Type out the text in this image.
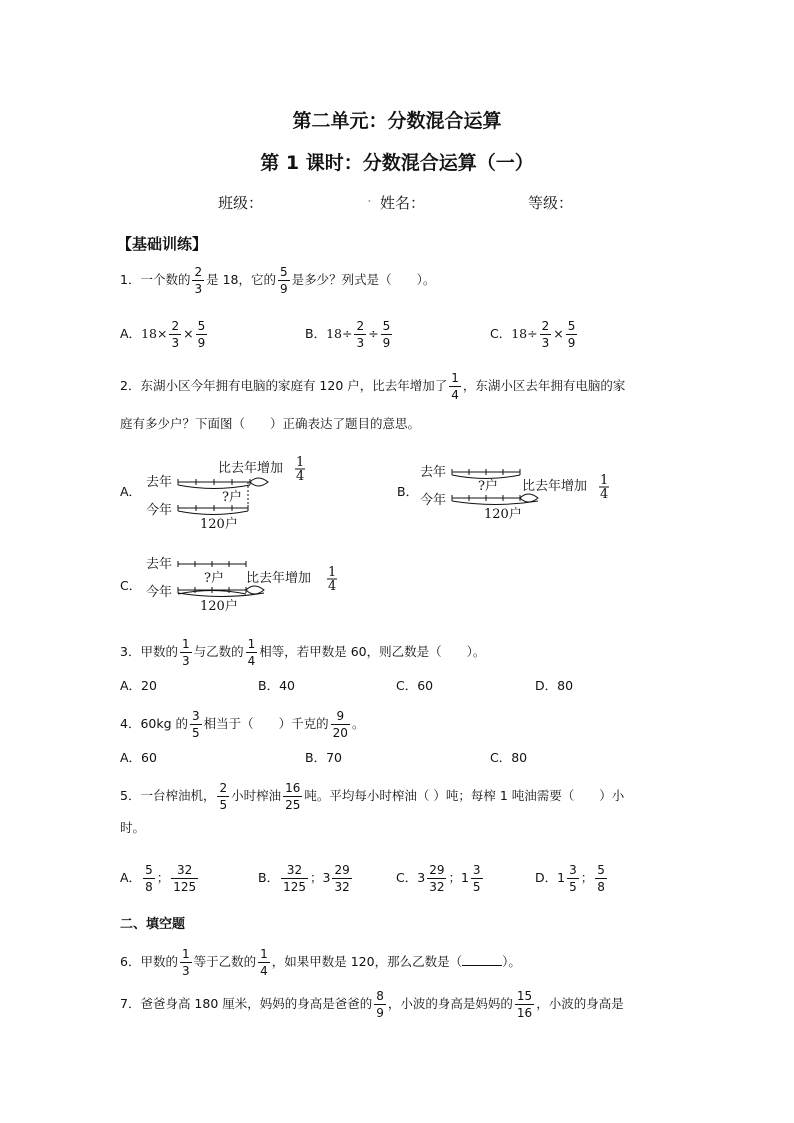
第二单元：分数混合运算
第 1 课时：分数混合运算（一）
班级：	. 姓名：	等级：
【基础训练】
1．一个数的 $\frac{2}{3}$ 是 18，它的 $\frac{5}{9}$ 是多少？列式是（　　）。
A．$18\times \frac{2}{3} \times \frac{5}{9}$	B．$18\div \frac{2}{3} \div \frac{5}{9}$	C．$18\div \frac{2}{3} \times \frac{5}{9}$
2．东湖小区今年拥有电脑的家庭有 120 户，比去年增加了 $\frac{1}{4}$ ，东湖小区去年拥有电脑的家
庭有多少户？下面图（　　）正确表达了题目的意思。
A．	B．
C．
去年
比去年增加 1
4
?户
今年
120户
去年
?户
今年
比去年增加 1
4
120户
去年
?户
今年
比去年增加 1
4
120户
3．甲数的 $\frac{1}{3}$ 与乙数的 $\frac{1}{4}$ 相等，若甲数是 60，则乙数是（　　）。
A．20	B．40	C．60	D．80
4．60kg 的 $\frac{3}{5}$ 相当于（　　）千克的 $\frac{9}{20}$ 。
A．60	B．70	C．80
5．一台榨油机， $\frac{2}{5}$ 小时榨油 $\frac{16}{25}$ 吨。平均每小时榨油（ ）吨；每榨 1 吨油需要（　　）小
时。
A． $\frac{5}{8}$ ； $\frac{32}{125}$	B． $\frac{32}{125}$ ；$3 \frac{29}{32}$	C．$3 \frac{29}{32}$ ；$1 \frac{3}{5}$	D．$1 \frac{3}{5}$ ； $\frac{5}{8}$
二、填空题
6．甲数的 $\frac{1}{3}$ 等于乙数的 $\frac{1}{4}$ ，如果甲数是 120，那么乙数是（	）。
7．爸爸身高 180 厘米，妈妈的身高是爸爸的 $\frac{8}{9}$ ，小波的身高是妈妈的 $\frac{15}{16}$ ，小波的身高是
